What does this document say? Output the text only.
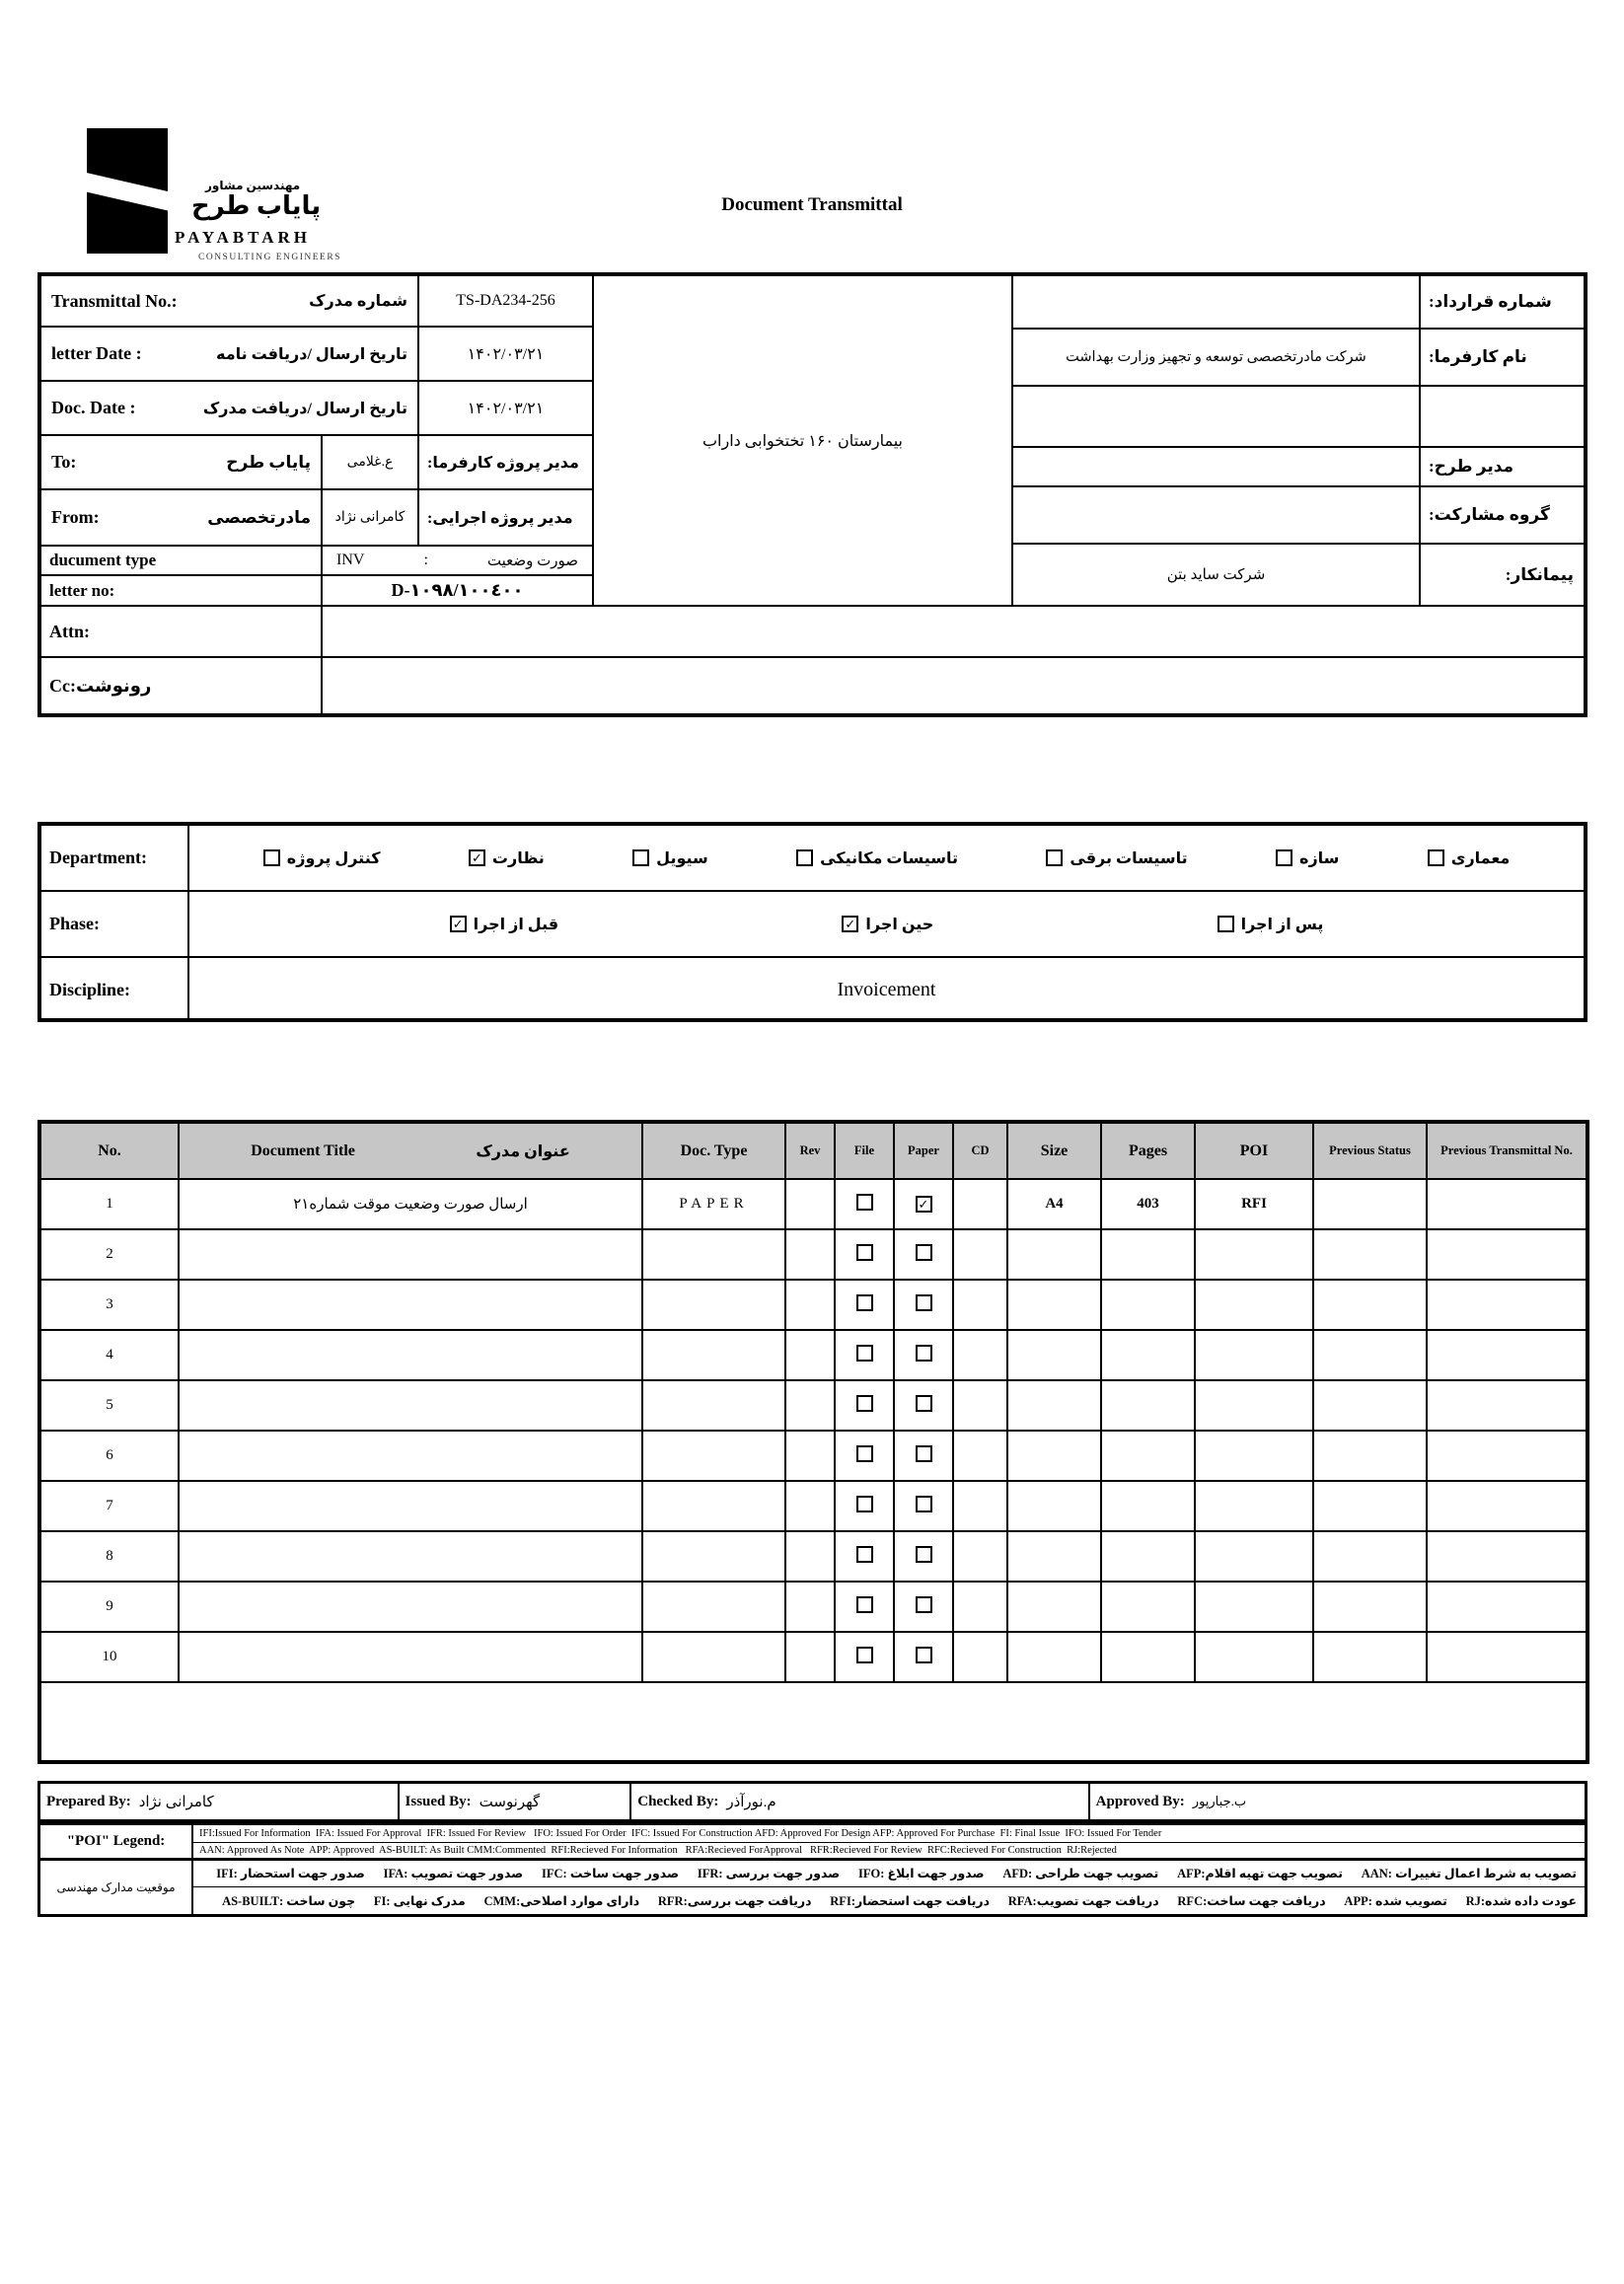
مهندسین مشاور
پایاب طرح
PAYABTARH
CONSULTING ENGINEERS
Document Transmittal
Transmittal No.:	شماره مدرک	TS-DA234-256
letter Date :	تاریخ ارسال /دریافت نامه	۱۴۰۲/۰۳/۲۱
Doc. Date :	تاریخ ارسال /دریافت مدرک	۱۴۰۲/۰۳/۲۱
To:	پایاب طرح	ع.غلامی	مدیر پروژه کارفرما:
From:	مادرتخصصی	کامرانی نژاد	مدیر پروژه اجرایی:
ducument type	INV	:	صورت وضعیت
letter no:	D-۱۰۹۸/۱۰۰٤۰۰
بیمارستان ۱۶۰ تختخوابی داراب
شماره قرارداد:
شرکت مادرتخصصی توسعه و تجهیز وزارت بهداشت	نام کارفرما:
مدیر طرح:
گروه مشارکت:
شرکت ساید بتن	پیمانکار:
Attn:
Cc:رونوشت
Department:	معماری
سازه
تاسیسات برقی
تاسیسات مکانیکی
سیویل
نظارت
✓
کنترل پروژه
Phase:	پس از اجرا
حین اجرا
✓
قبل از اجرا
✓
Discipline:	Invoicement
No.	Document Title عنوان مدرک	Doc. Type	Rev	File	Paper	CD	Size	Pages	POI	Previous Status	Previous Transmittal No.
1	ارسال صورت وضعیت موقت شماره۲۱	PAPER			✓		A4	403	RFI		
2											
3											
4											
5											
6											
7											
8											
9											
10											

Prepared By: کامرانی نژاد	Issued By: گهرنوست	Checked By: م.نورآذر	Approved By: ب.جبارپور
"POI" Legend:	IFI:Issued For Information  IFA: Issued For Approval  IFR: Issued For Review   IFO: Issued For Order  IFC: Issued For Construction AFD: Approved For Design AFP: Approved For Purchase  FI: Final Issue  IFO: Issued For Tender
AAN: Approved As Note  APP: Approved  AS-BUILT: As Built CMM:Commented  RFI:Recieved For Information   RFA:Recieved ForApproval   RFR:Recieved For Review  RFC:Recieved For Construction  RJ:Rejected
موقعیت مدارک مهندسی
تصویب به شرط اعمال تغییرات :AAN      تصویب جهت تهیه اقلام:AFP      تصویب جهت طراحی :AFD      صدور جهت ابلاغ :IFO      صدور جهت بررسی :IFR      صدور جهت ساخت :IFC      صدور جهت تصویب :IFA      صدور جهت استحضار :IFI
عودت داده شده:RJ      تصویب شده :APP      دریافت جهت ساخت:RFC      دریافت جهت تصویب:RFA      دریافت جهت استحضار:RFI      دریافت جهت بررسی:RFR      دارای موارد اصلاحی:CMM      مدرک نهایی :FI      چون ساخت :AS-BUILT
